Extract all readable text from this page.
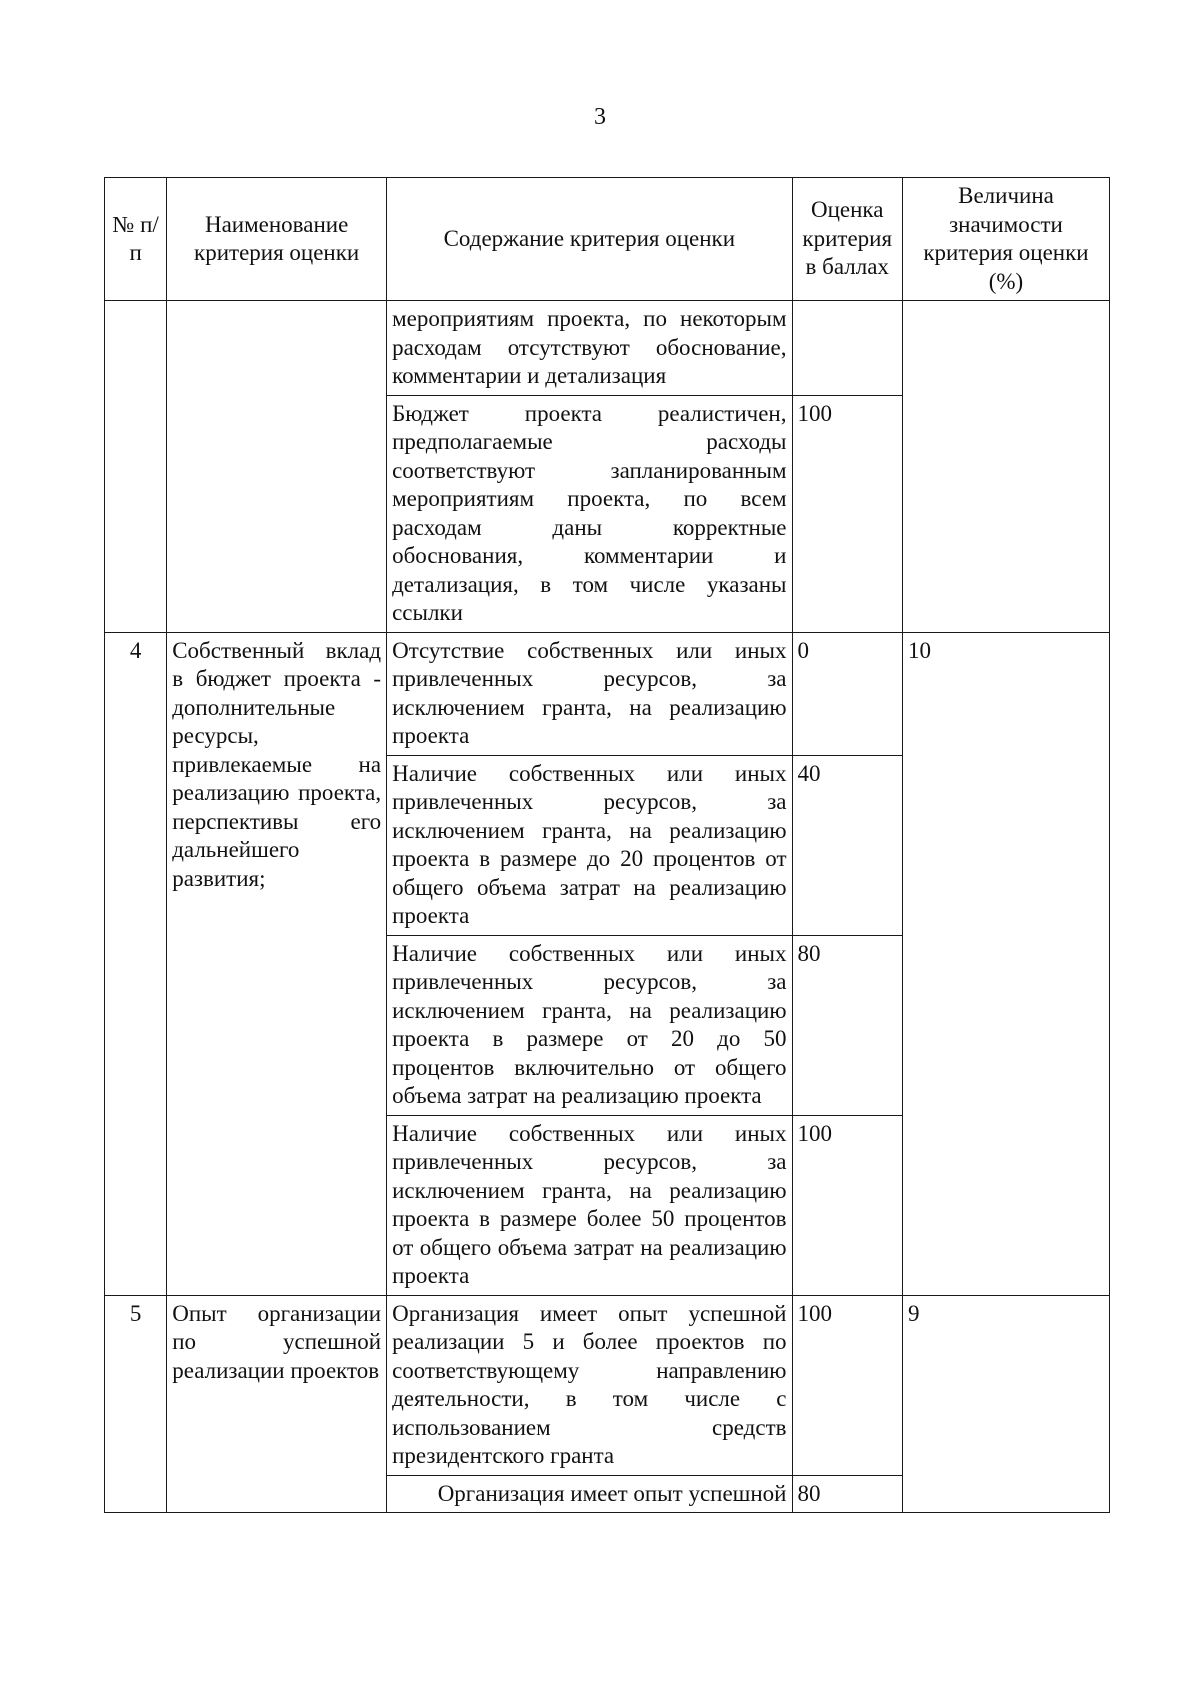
3
№ п/п	Наименование критерия оценки	Содержание критерия оценки	Оценка критерия в баллах	Величина значимости критерия оценки (%)
		мероприятиям проекта, по некоторым расходам отсутствуют обоснование, комментарии и детализация		
		Бюджет проекта реалистичен, предполагаемые расходы соответствуют запланированным мероприятиям проекта, по всем расходам даны корректные обоснования, комментарии и детализация, в том числе указаны ссылки	100	
4	Собственный вклад в бюджет проекта - дополнительные ресурсы, привлекаемые на реализацию проекта, перспективы его дальнейшего развития;	Отсутствие собственных или иных привлеченных ресурсов, за исключением гранта, на реализацию проекта	0	10
		Наличие собственных или иных привлеченных ресурсов, за исключением гранта, на реализацию проекта в размере до 20 процентов от общего объема затрат на реализацию проекта	40	
		Наличие собственных или иных привлеченных ресурсов, за исключением гранта, на реализацию проекта в размере от 20 до 50 процентов включительно от общего объема затрат на реализацию проекта	80	
		Наличие собственных или иных привлеченных ресурсов, за исключением гранта, на реализацию проекта в размере более 50 процентов от общего объема затрат на реализацию проекта	100	
5	Опыт организации по успешной реализации проектов	Организация имеет опыт успешной реализации 5 и более проектов по соответствующему направлению деятельности, в том числе с использованием средств президентского гранта	100	9
		Организация имеет опыт успешной	80	
